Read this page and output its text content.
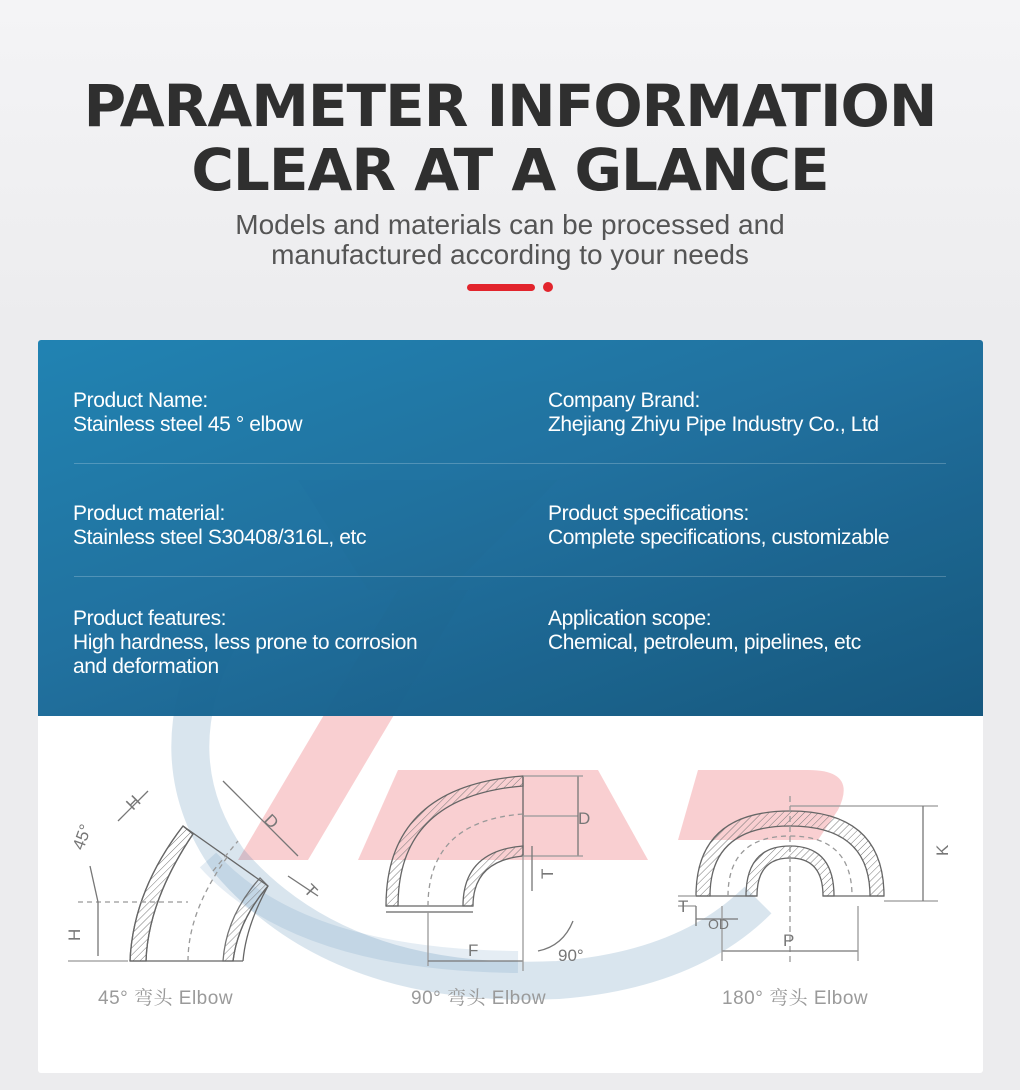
PARAMETER INFORMATION
CLEAR AT A GLANCE
Models and materials can be processed and
manufactured according to your needs
Product Name:
Stainless steel 45 ° elbow
Company Brand:
Zhejiang Zhiyu Pipe Industry Co., Ltd
Product material:
Stainless steel S30408/316L, etc
Product specifications:
Complete specifications, customizable
Product features:
High hardness, less prone to corrosion
and deformation
Application scope:
Chemical, petroleum, pipelines, etc
H
D
T
45°
H
D
T
F	90°
K
T
OD
P
45° 弯头 Elbow	90° 弯头 Elbow	180° 弯头 Elbow
